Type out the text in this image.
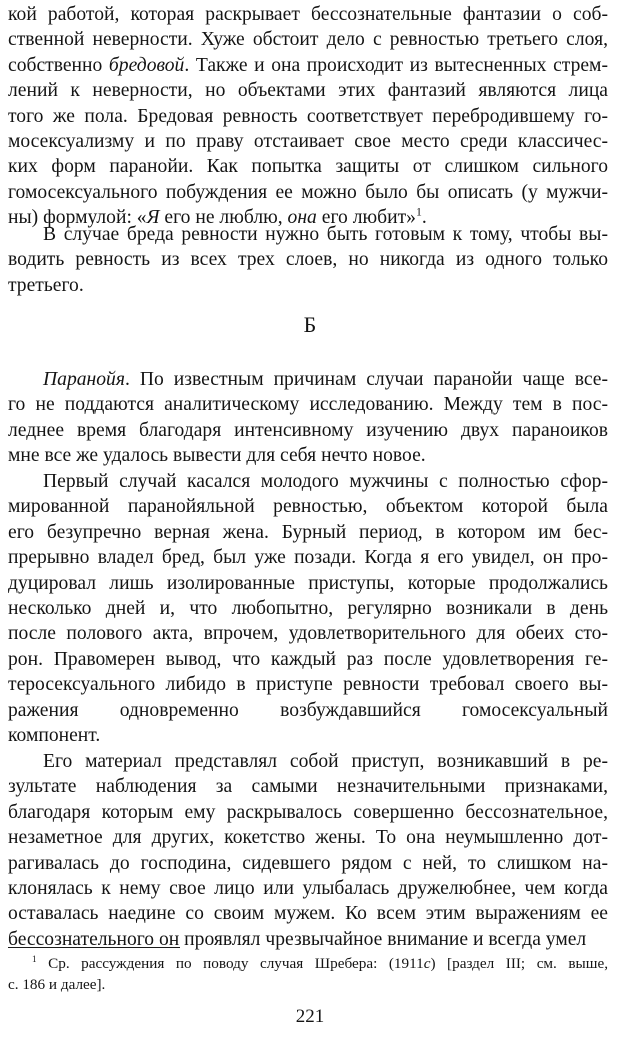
кой работой, которая раскрывает бессознательные фантазии о соб-
ственной неверности. Хуже обстоит дело с ревностью третьего слоя,
собственно бредовой. Также и она происходит из вытесненных стрем-
лений к неверности, но объектами этих фантазий являются лица
того же пола. Бредовая ревность соответствует перебродившему го-
мосексуализму и по праву отстаивает свое место среди классичес-
ких форм паранойи. Как попытка защиты от слишком сильного
гомосексуального побуждения ее можно было бы описать (у мужчи-
ны) формулой: «Я его не люблю, она его любит»$^1$.
В случае бреда ревности нужно быть готовым к тому, чтобы вы-
водить ревность из всех трех слоев, но никогда из одного только
третьего.
Б
Паранойя. По известным причинам случаи паранойи чаще все-
го не поддаются аналитическому исследованию. Между тем в пос-
леднее время благодаря интенсивному изучению двух параноиков
мне все же удалось вывести для себя нечто новое.
Первый случай касался молодого мужчины с полностью сфор-
мированной паранойяльной ревностью, объектом которой была
его безупречно верная жена. Бурный период, в котором им бес-
прерывно владел бред, был уже позади. Когда я его увидел, он про-
дуцировал лишь изолированные приступы, которые продолжались
несколько дней и, что любопытно, регулярно возникали в день
после полового акта, впрочем, удовлетворительного для обеих сто-
рон. Правомерен вывод, что каждый раз после удовлетворения ге-
теросексуального либидо в приступе ревности требовал своего вы-
ражения одновременно возбуждавшийся гомосексуальный
компонент.
Его материал представлял собой приступ, возникавший в ре-
зультате наблюдения за самыми незначительными признаками,
благодаря которым ему раскрывалось совершенно бессознательное,
незаметное для других, кокетство жены. То она неумышленно дот-
рагивалась до господина, сидевшего рядом с ней, то слишком на-
клонялась к нему свое лицо или улыбалась дружелюбнее, чем когда
оставалась наедине со своим мужем. Ко всем этим выражениям ее
бессознательного он проявлял чрезвычайное внимание и всегда умел
$^1$ Ср. рассуждения по поводу случая Шребера: (1911c) [раздел III; см. выше,
с. 186 и далее].
221
